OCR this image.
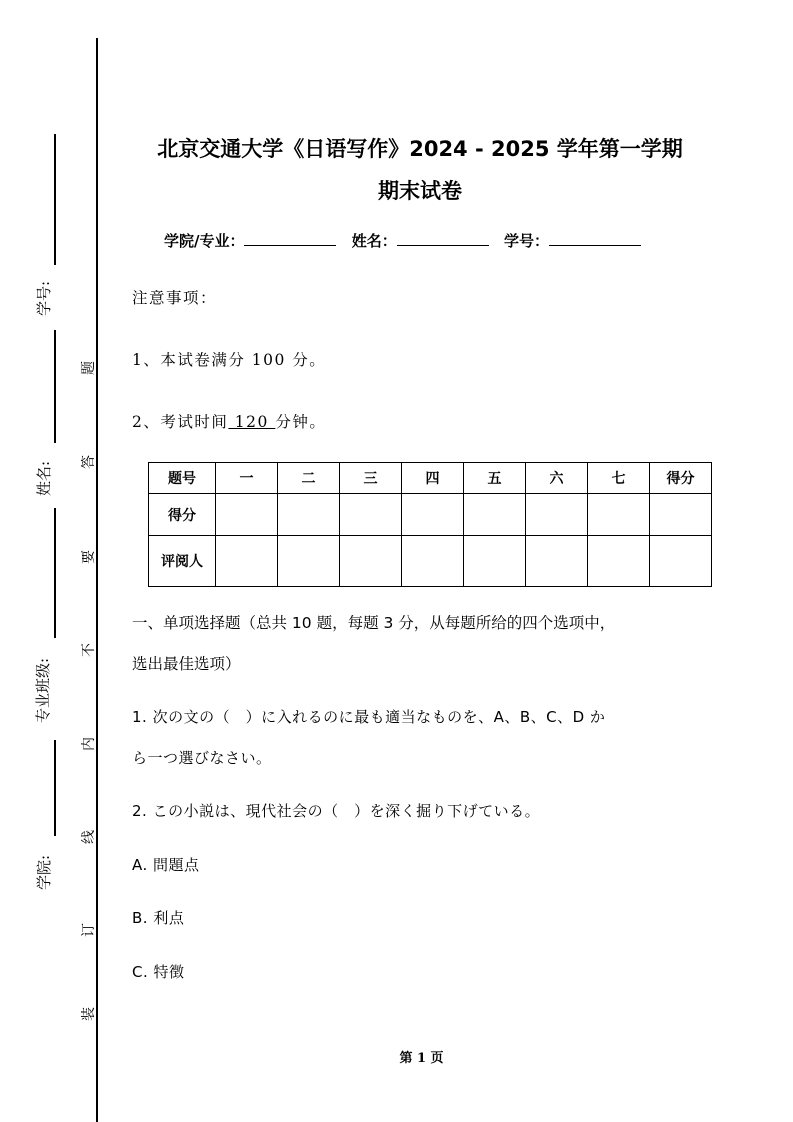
学号:
姓名:
专业班级:
学院:
题
答
要
不
内
线
订
装
北京交通大学《日语写作》2024 - 2025 学年第一学期
期末试卷
学院/专业：	姓名：	学号：
注意事项：
1、本试卷满分 100 分。
2、考试时间 120 分钟。
题号	一	二	三	四	五	六	七	得分
得分								
评阅人								
一、单项选择题（总共 10 题，每题 3 分，从每题所给的四个选项中，
选出最佳选项）
1. 次の文の（　）に入れるのに最も適当なものを、A、B、C、D か
ら一つ選びなさい。
2. この小説は、現代社会の（　）を深く掘り下げている。
A. 問題点
B. 利点
C. 特徴
第 1 页
